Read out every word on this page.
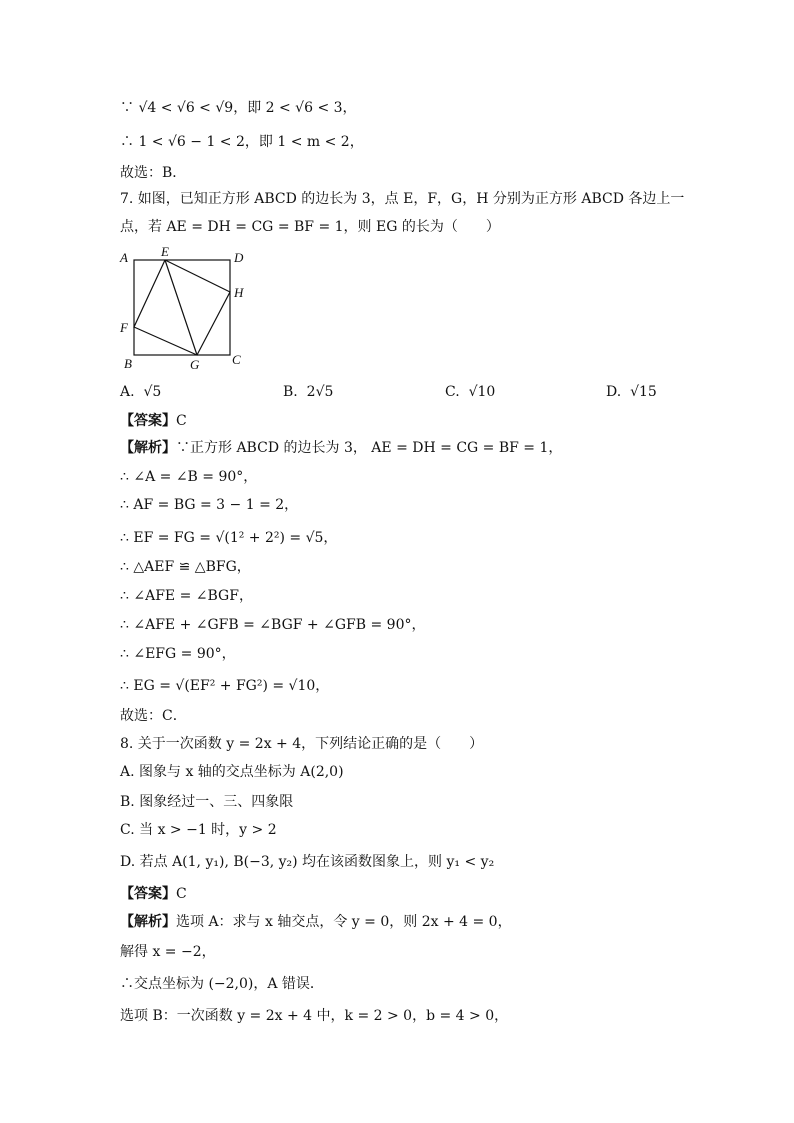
∵ √4 < √6 < √9，即 2 < √6 < 3，
∴ 1 < √6 − 1 < 2，即 1 < m < 2，
故选：B．
7. 如图，已知正方形 ABCD 的边长为 3，点 E，F，G，H 分别为正方形 ABCD 各边上一
点，若 AE = DH = CG = BF = 1，则 EG 的长为（　　）
A	E	D
H
F
B	G	C
A. √5	B. 2√5	C. √10	D. √15
【答案】C
【解析】∵正方形 ABCD 的边长为 3， AE = DH = CG = BF = 1，
∴ ∠A = ∠B = 90°，
∴ AF = BG = 3 − 1 = 2，
∴ EF = FG = √(1² + 2²) = √5，
∴ △AEF ≌ △BFG，
∴ ∠AFE = ∠BGF，
∴ ∠AFE + ∠GFB = ∠BGF + ∠GFB = 90°，
∴ ∠EFG = 90°，
∴ EG = √(EF² + FG²) = √10，
故选：C．
8. 关于一次函数 y = 2x + 4，下列结论正确的是（　　）
A. 图象与 x 轴的交点坐标为 A(2,0)
B. 图象经过一、三、四象限
C. 当 x > −1 时，y > 2
D. 若点 A(1, y₁), B(−3, y₂) 均在该函数图象上，则 y₁ < y₂
【答案】C
【解析】选项 A：求与 x 轴交点，令 y = 0，则 2x + 4 = 0，
解得 x = −2，
∴交点坐标为 (−2,0)，A 错误．
选项 B：一次函数 y = 2x + 4 中，k = 2 > 0，b = 4 > 0，
